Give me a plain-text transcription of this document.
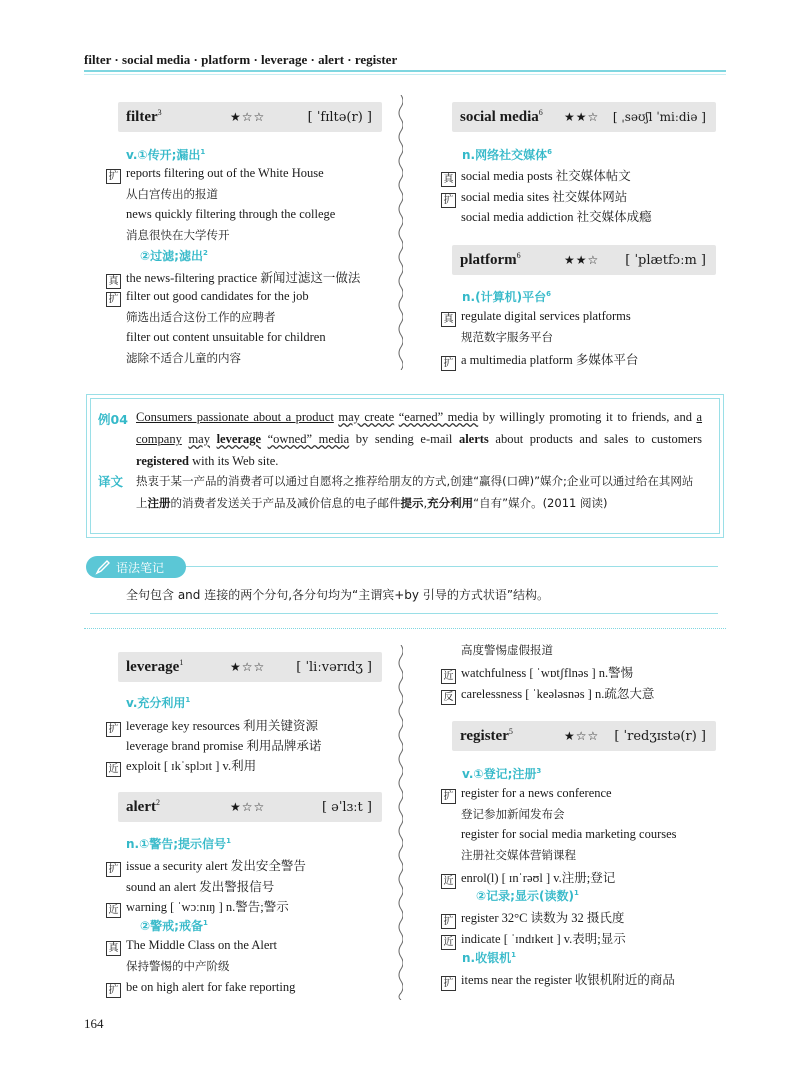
filter · social media · platform · leverage · alert · register
filter$^3$	★☆☆	[ ˈfɪltə(r) ]
v.①传开;漏出$^1$
扩 reports filtering out of the White House
从白宫传出的报道
news quickly filtering through the college
消息很快在大学传开
②过滤;滤出$^2$
真 the news-filtering practice 新闻过滤这一做法
扩 filter out good candidates for the job
筛选出适合这份工作的应聘者
filter out content unsuitable for children
滤除不适合儿童的内容
social media$^6$ ★★☆ [ ˌsəʊʃl ˈmiːdiə ]
n.网络社交媒体$^6$
真 social media posts 社交媒体帖文
扩 social media sites 社交媒体网站
social media addiction 社交媒体成瘾
platform$^6$	★★☆ [ ˈplætfɔːm ]
n.(计算机)平台$^6$
真 regulate digital services platforms
规范数字服务平台
扩 a multimedia platform 多媒体平台
例04 Consumers passionate about a product may create “earned” media by willingly promoting it to friends, and a company may leverage “owned” media by sending e-mail alerts about products and sales to customers registered with its Web site.
译文 热衷于某一产品的消费者可以通过自愿将之推荐给朋友的方式,创建“赢得(口碑)”媒介;企业可以通过给在其网站上注册的消费者发送关于产品及减价信息的电子邮件提示,充分利用“自有”媒介。(2011 阅读)
语法笔记
全句包含 and 连接的两个分句,各分句均为“主谓宾+by 引导的方式状语”结构。
leverage$^1$	★☆☆ [ ˈliːvərɪdʒ ]
v.充分利用$^1$
扩 leverage key resources 利用关键资源
leverage brand promise 利用品牌承诺
近 exploit [ ɪkˈsplɔɪt ] v.利用
alert$^2$	★☆☆	[ əˈlɜːt ]
n.①警告;提示信号$^1$
扩 issue a security alert 发出安全警告
sound an alert 发出警报信号
近 warning [ ˈwɔːnɪŋ ] n.警告;警示
②警戒;戒备$^1$
真 The Middle Class on the Alert
保持警惕的中产阶级
扩 be on high alert for fake reporting
高度警惕虚假报道
近 watchfulness [ ˈwɒtʃflnəs ] n.警惕
反 carelessness [ ˈkeələsnəs ] n.疏忽大意
register$^5$	★☆☆ [ ˈredʒɪstə(r) ]
v.①登记;注册$^3$
扩 register for a news conference
登记参加新闻发布会
register for social media marketing courses
注册社交媒体营销课程
近 enrol(l) [ ɪnˈrəʊl ] v.注册;登记
②记录;显示(读数)$^1$
扩 register 32°C 读数为 32 摄氏度
近 indicate [ ˈɪndɪkeɪt ] v.表明;显示
n.收银机$^1$
扩 items near the register 收银机附近的商品
164
